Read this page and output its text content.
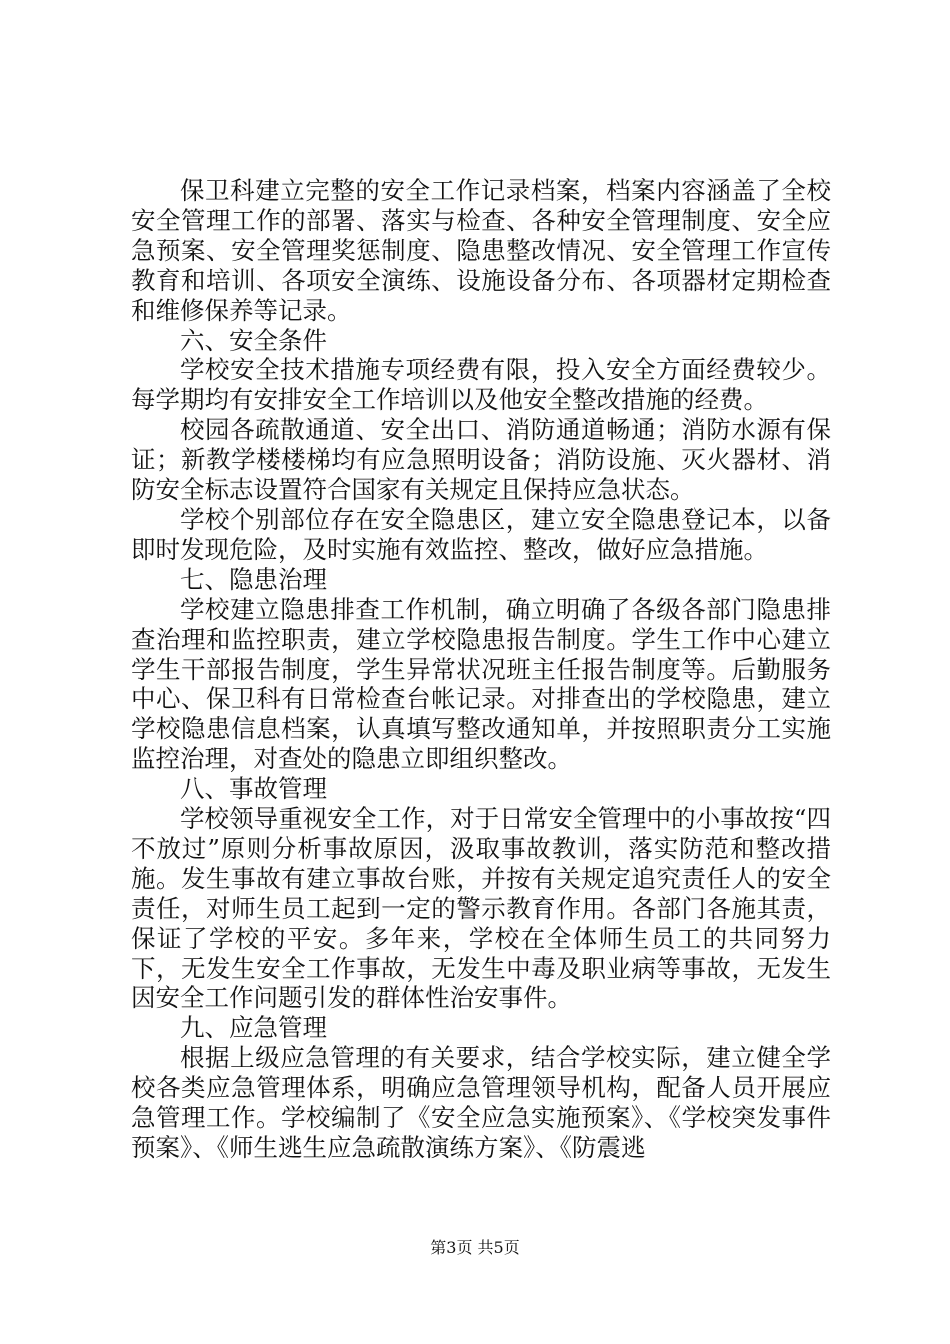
保卫科建立完整的安全工作记录档案，档案内容涵盖了全校安全管理工作的部署、落实与检查、各种安全管理制度、安全应急预案、安全管理奖惩制度、隐患整改情况、安全管理工作宣传教育和培训、各项安全演练、设施设备分布、各项器材定期检查和维修保养等记录。

六、安全条件

学校安全技术措施专项经费有限，投入安全方面经费较少。每学期均有安排安全工作培训以及他安全整改措施的经费。

校园各疏散通道、安全出口、消防通道畅通；消防水源有保证；新教学楼楼梯均有应急照明设备；消防设施、灭火器材、消防安全标志设置符合国家有关规定且保持应急状态。

学校个别部位存在安全隐患区，建立安全隐患登记本，以备即时发现危险，及时实施有效监控、整改，做好应急措施。

七、隐患治理

学校建立隐患排查工作机制，确立明确了各级各部门隐患排查治理和监控职责，建立学校隐患报告制度。学生工作中心建立学生干部报告制度，学生异常状况班主任报告制度等。后勤服务中心、保卫科有日常检查台帐记录。对排查出的学校隐患，建立学校隐患信息档案，认真填写整改通知单，并按照职责分工实施监控治理，对查处的隐患立即组织整改。

八、事故管理

学校领导重视安全工作，对于日常安全管理中的小事故按“四不放过”原则分析事故原因，汲取事故教训，落实防范和整改措施。发生事故有建立事故台账，并按有关规定追究责任人的安全责任，对师生员工起到一定的警示教育作用。各部门各施其责，保证了学校的平安。多年来，学校在全体师生员工的共同努力下，无发生安全工作事故，无发生中毒及职业病等事故，无发生因安全工作问题引发的群体性治安事件。

九、应急管理

根据上级应急管理的有关要求，结合学校实际，建立健全学校各类应急管理体系，明确应急管理领导机构，配备人员开展应急管理工作。学校编制了《安全应急实施预案》、《学校突发事件预案》、《师生逃生应急疏散演练方案》、《防震逃

第3页 共5页
